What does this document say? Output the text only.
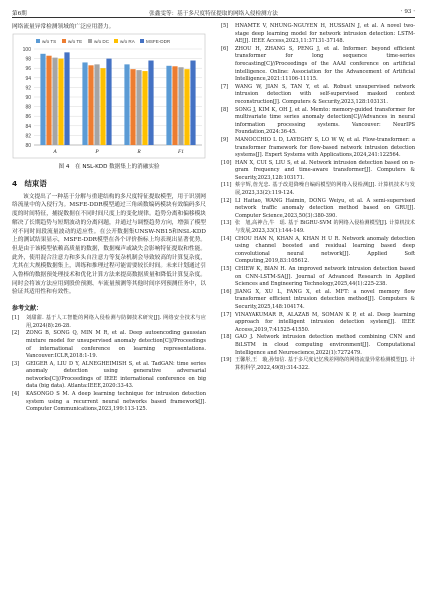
第6期	张鑫雯等：基于多尺度特征提取的网络入侵检测方法	· 93 ·

网络流量异常检测领域的广泛应用潜力。

80
82
84
86
88
90
92
94
96
98
100
w/o TS	w/o TE	w/o DC w/o RA MSFE-DDR
A	P	R	F1
图 4　在 NSL-KDD 数据集上的消融实验
4　结束语

该文提出了一种基于分解与重建结构的多尺度特征提取模型，用于识别网络流量中的入侵行为。MSFE-DDR模型通过三角函数编码模块有效编码多尺度的时间特征，捕捉数据在不同时间尺度上的变化规律。趋势分离和偏移模块解决了长期趋势与短期波动的分离问题，并通过与调整趋势方向，增强了模型对不同时间段流量波动的适应性。在公开数据集UNSW-NB15和NSL-KDD上的测试结果显示，MSFE-DDR模型在各个评价指标上均表现出显著优势。但是由于该模型依赖高质量的数据，数据噪声或缺失会影响特征提取和性能。此外，使用混合注意力和多头自注意力等复杂机制会导致较高的计算复杂度，尤其在大规模数据集上，训练和推理过程可能需要较长时间。未来计划通过引入鲁棒的数据预处理技术和优化计算方法来提高数据质量和降低计算复杂度。同时会将该方法应用到股价预测、车流量预测等其他时间序列预测任务中，以验证其适用性和有效性。

参考文献：
[1] 刘甜甜. 基于人工智能的网络入侵检测与防御技术研究[J]. 网络安全技术与应用,2024(8):26-28.
[2] ZONG B, SONG Q, MIN M R, et al. Deep autoencoding gaussian mixture model for unsupervised anomaly detection[C]//Proceedings of international conference on learning representations. Vancouver:ICLR,2018:1-19.
[3] GEIGER A, LIU D Y, ALNEGHEIMISH S, et al. TadGAN: time series anomaly detection using generative adversarial networks[C]//Proceedings of IEEE international conference on big data (big data). Atlanta:IEEE,2020:33-43.
[4] KASONGO S M. A deep learning technique for intrusion detection system using a recurrent neural networks based framework[J]. Computer Communications,2023,199:113-125.
[5] HNAMTE V, NHUNG-NGUYEN H, HUSSAIN J, et al. A novel two-stage deep learning model for network intrusion detection: LSTM-AE[J]. IEEE Access,2023,11:37131-37148.
[6] ZHOU H, ZHANG S, PENG J, et al. Informer: beyond efficient transformer for long sequence time-series forecasting[C]//Proceedings of the AAAI conference on artificial intelligence. Online: Association for the Advancement of Artificial Intelligence,2021:11106-11115.
[7] WANG W, JIAN S, TAN Y, et al. Robust unsupervised network intrusion detection with self-supervised masked context reconstruction[J]. Computers & Security,2023,128:103131.
[8] SONG J, KIM K, OH J, et al. Memto: memory-guided transformer for multivariate time series anomaly detection[C]//Advances in neural information processing systems. Vancouver: NeurIPS Foundation,2024:36-45.
[9] MANOCCHIO L D, LAYEGHY S, LO W W, et al. Flow-transformer: a transformer framework for flow-based network intrusion detection systems[J]. Expert Systems with Applications,2024,241:122564.
[10] HAN X, CUI S, LIU S, et al. Network intrusion detection based on n-gram frequency and time-aware transformer[J]. Computers & Security,2023,128:103171.
[11] 蔡宇辉,詹光忠. 基于改进降噪自编码模型的网络入侵检测[J]. 计算机技术与发展,2023,33(2):119-124.
[12] LI Haitao, WANG Haimin, DONG Weiyu, et al. A semi-supervised network traffic anomaly detection method based on GRU[J]. Computer Science,2023,50(3):380-390.
[13] 张　旭,高神合,牛　瑶. 基于 BiGRU-SVM 的网络入侵检测模型[J]. 计算机技术与发展,2023,33(1):144-149.
[14] CHOU HAN N, KHAN A, KHAN H U R. Network anomaly detection using channel boosted and residual learning based deep convolutional neural network[J]. Applied Soft Computing,2019,83:105612.
[15] CHIEW K, BIAN H. An improved network intrusion detection based on CNN-LSTM-SA[J]. Journal of Advanced Research in Applied Sciences and Engineering Technology,2025,44(1):225-238.
[16] JIANG X, XU L, FANG X, et al. MFT: a novel memory flow transformer efficient intrusion detection method[J]. Computers & Security,2025,148:104174.
[17] VINAYAKUMAR R, ALAZAB M, SOMAN K P, et al. Deep learning approach for intelligent intrusion detection system[J]. IEEE Access,2019,7:41525-41550.
[18] GAO J. Network intrusion detection method combining CNN and BiLSTM in cloud computing environment[J]. Computational Intelligence and Neuroscience,2022(1):7272479.
[19] 王馨彤,王　璇,孙知信. 基于多尺度记忆残差网络的网络流量异常检测模型[J]. 计算机科学,2022,49(8):314-322.
